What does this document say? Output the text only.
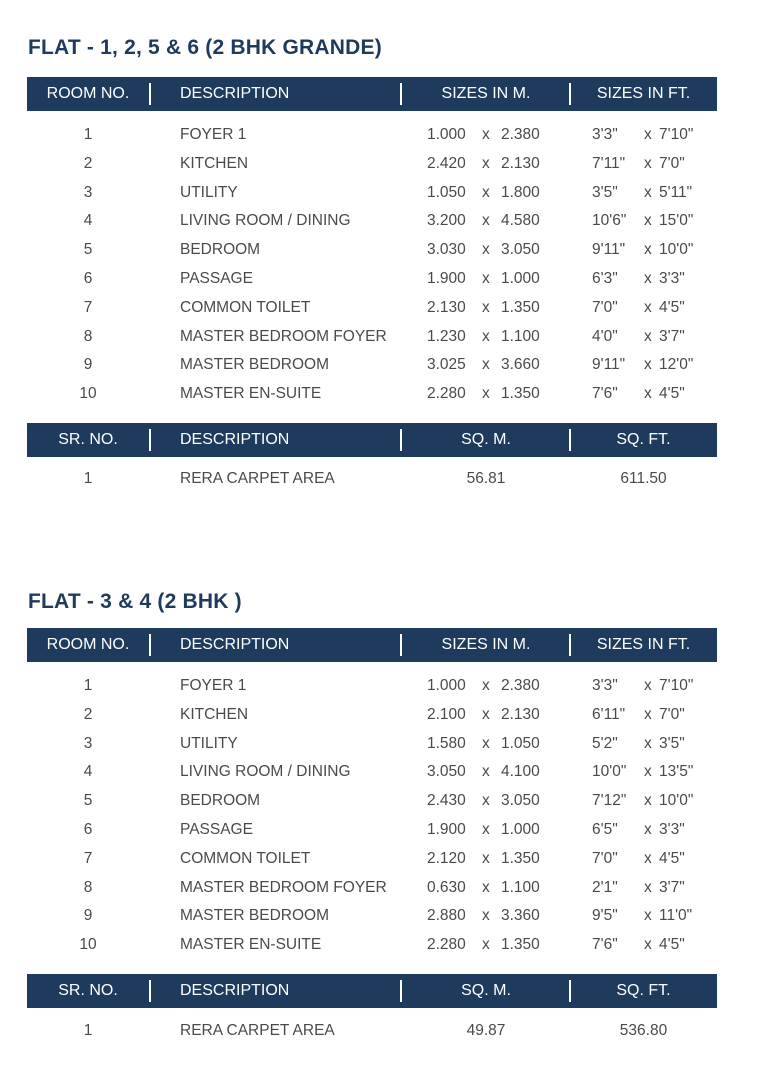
FLAT - 1, 2, 5 & 6 (2 BHK GRANDE)
ROOM NO.	DESCRIPTION	SIZES IN M.	SIZES IN FT.
1	FOYER 1	1.000 x 2.380	3'3" x 7'10"
2	KITCHEN	2.420 x 2.130	7'11" x 7'0"
3	UTILITY	1.050 x 1.800	3'5" x 5'11"
4	LIVING ROOM / DINING	3.200 x 4.580	10'6" x 15'0"
5	BEDROOM	3.030 x 3.050	9'11" x 10'0"
6	PASSAGE	1.900 x 1.000	6'3" x 3'3"
7	COMMON TOILET	2.130 x 1.350	7'0" x 4'5"
8	MASTER BEDROOM FOYER	1.230 x 1.100	4'0" x 3'7"
9	MASTER BEDROOM	3.025 x 3.660	9'11" x 12'0"
10	MASTER EN-SUITE	2.280 x 1.350	7'6" x 4'5"
SR. NO.	DESCRIPTION	SQ. M.	SQ. FT.
1	RERA CARPET AREA	56.81	611.50
FLAT - 3 & 4 (2 BHK )
ROOM NO.	DESCRIPTION	SIZES IN M.	SIZES IN FT.
1	FOYER 1	1.000 x 2.380	3'3" x 7'10"
2	KITCHEN	2.100 x 2.130	6'11" x 7'0"
3	UTILITY	1.580 x 1.050	5'2" x 3'5"
4	LIVING ROOM / DINING	3.050 x 4.100	10'0" x 13'5"
5	BEDROOM	2.430 x 3.050	7'12" x 10'0"
6	PASSAGE	1.900 x 1.000	6'5" x 3'3"
7	COMMON TOILET	2.120 x 1.350	7'0" x 4'5"
8	MASTER BEDROOM FOYER	0.630 x 1.100	2'1" x 3'7"
9	MASTER BEDROOM	2.880 x 3.360	9'5" x 11'0"
10	MASTER EN-SUITE	2.280 x 1.350	7'6" x 4'5"
SR. NO.	DESCRIPTION	SQ. M.	SQ. FT.
1	RERA CARPET AREA	49.87	536.80
